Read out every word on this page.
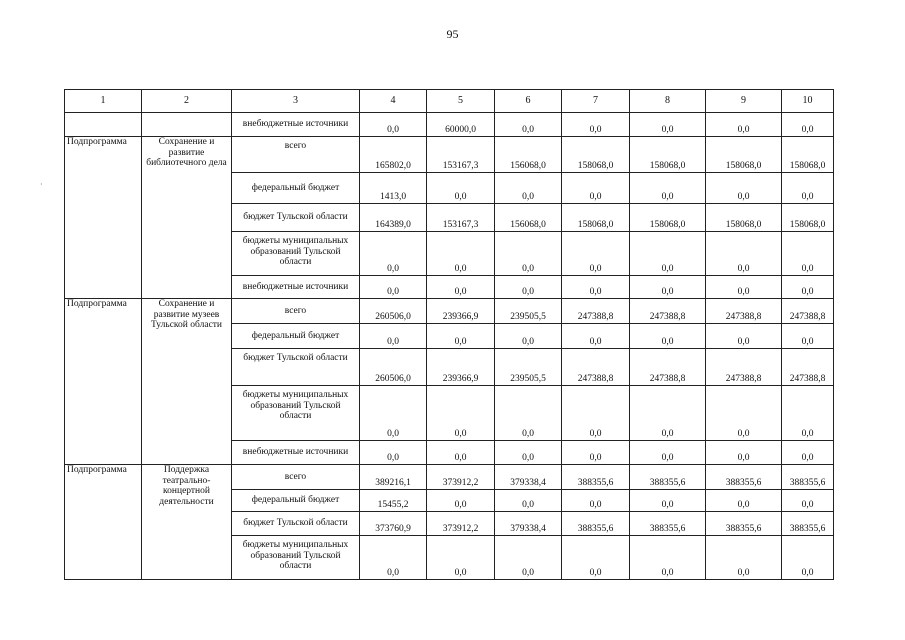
95
·
1	2	3	4	5	6	7	8	9	10
		внебюджетные источники	0,0	60000,0	0,0	0,0	0,0	0,0	0,0
Подпрограмма	Сохранение и развитие библиотечного дела	всего	165802,0	153167,3	156068,0	158068,0	158068,0	158068,0	158068,0
		федеральный бюджет	1413,0	0,0	0,0	0,0	0,0	0,0	0,0
		бюджет Тульской области	164389,0	153167,3	156068,0	158068,0	158068,0	158068,0	158068,0
		бюджеты муниципальных образований Тульской области	0,0	0,0	0,0	0,0	0,0	0,0	0,0
		внебюджетные источники	0,0	0,0	0,0	0,0	0,0	0,0	0,0
Подпрограмма	Сохранение и развитие музеев Тульской области	всего	260506,0	239366,9	239505,5	247388,8	247388,8	247388,8	247388,8
		федеральный бюджет	0,0	0,0	0,0	0,0	0,0	0,0	0,0
		бюджет Тульской области	260506,0	239366,9	239505,5	247388,8	247388,8	247388,8	247388,8
		бюджеты муниципальных образований Тульской области	0,0	0,0	0,0	0,0	0,0	0,0	0,0
		внебюджетные источники	0,0	0,0	0,0	0,0	0,0	0,0	0,0
Подпрограмма	Поддержка театрально-концертной деятельности	всего	389216,1	373912,2	379338,4	388355,6	388355,6	388355,6	388355,6
		федеральный бюджет	15455,2	0,0	0,0	0,0	0,0	0,0	0,0
		бюджет Тульской области	373760,9	373912,2	379338,4	388355,6	388355,6	388355,6	388355,6
		бюджеты муниципальных образований Тульской области	0,0	0,0	0,0	0,0	0,0	0,0	0,0
